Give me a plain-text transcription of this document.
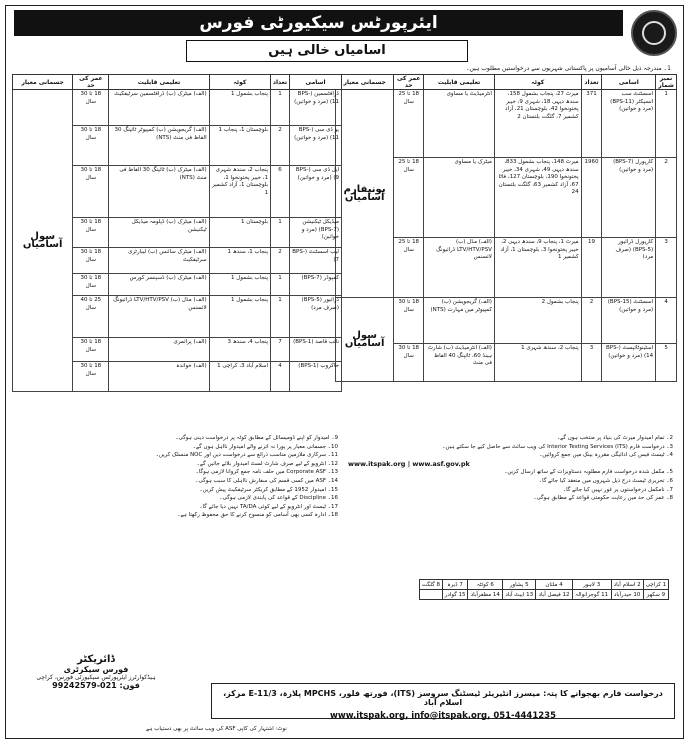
ایئرپورٹس سیکیورٹی فورس
اسامیاں خالی ہیں
1۔ مندرجہ ذیل خالی آسامیوں پر پاکستانی شہریوں سے درخواستیں مطلوب ہیں۔
نمبر شمار	اسامی	تعداد	کوٹہ	تعلیمی قابلیت	عمر کی حد	جسمانی معیار
1	اسسٹنٹ سب انسپکٹر (BPS-11) (مرد و خواتین)	371	میرٹ 27، پنجاب بشمول 158، سندھ دیہی 18، شہری 9، خیبر پختونخوا 42، بلوچستان 21، آزاد کشمیر 7، گلگت بلتستان 2	انٹرمیڈیٹ یا مساوی	18 تا 25 سال	یونیفارم آسامیاں
2	کارپورل (BPS-7) (مرد و خواتین)	1960	میرٹ 148، پنجاب بشمول 833، سندھ دیہی 49، شہری 34، خیبر پختونخوا 190، بلوچستان 127، فاٹا 67، آزاد کشمیر 63، گلگت بلتستان 24	میٹرک یا مساوی	18 تا 25 سال	
3	کارپورل ڈرائیور (BPS-5) (صرف مرد)	19	میرٹ 1، پنجاب 9، سندھ دیہی 2، خیبر پختونخوا 3، بلوچستان 1، آزاد کشمیر 1	(الف) مڈل (ب) LTV/HTV/PSV ڈرائیونگ لائسنس	18 تا 25 سال	
4	اسسٹنٹ (BPS-15) (مرد و خواتین)	2	پنجاب بشمول 2	(الف) گریجویشن (ب) کمپیوٹر میں مہارت (NTS)	18 تا 30 سال	سول آسامیاں
5	اسٹینوٹائپسٹ (BPS-14) (مرد و خواتین)	3	پنجاب 2، سندھ شہری 1	(الف) انٹرمیڈیٹ (ب) شارٹ ہینڈ 60، ٹائپنگ 40 الفاظ فی منٹ	18 تا 30 سال	
اسامی	تعداد	کوٹہ	تعلیمی قابلیت	عمر کی حد	جسمانی معیار
ڈرافٹسمین (BPS-11) (مرد و خواتین)	1	پنجاب بشمول 1	(الف) میٹرک (ب) ڈرافٹسمین سرٹیفکیٹ	18 تا 30 سال	سول آسامیاں
یو ڈی سی (BPS-11) (مرد و خواتین)	2	بلوچستان 1، پنجاب 1	(الف) گریجویشن (ب) کمپیوٹر ٹائپنگ 30 الفاظ فی منٹ (NTS)	18 تا 30 سال	
ایل ڈی سی (BPS-9) (مرد و خواتین)	6	پنجاب 2، سندھ شہری 1، خیبر پختونخوا 1، بلوچستان 1، آزاد کشمیر 1	(الف) میٹرک (ب) ٹائپنگ 30 الفاظ فی منٹ (NTS)	18 تا 30 سال	
میڈیکل ٹیکنیشن (BPS-7) (مرد و خواتین)	1	بلوچستان 1	(الف) میٹرک (ب) ڈپلومہ میڈیکل ٹیکنیشن	18 تا 30 سال	
لیب اسسٹنٹ (BPS-7)	2	پنجاب 1، سندھ 1	(الف) میٹرک سائنس (ب) لیبارٹری سرٹیفکیٹ	18 تا 30 سال	
کمپوڈر (BPS-7)	1	پنجاب بشمول 1	(الف) میٹرک (ب) ڈسپنسر کورس	18 تا 30 سال	
ڈرائیور (BPS-5) (صرف مرد)	1	پنجاب بشمول 1	(الف) مڈل (ب) LTV/HTV/PSV ڈرائیونگ لائسنس	25 تا 40 سال	
نائب قاصد (BPS-1)	7	پنجاب 4، سندھ 3	(الف) پرائمری	18 تا 30 سال	
خاکروب (BPS-1)	4	اسلام آباد 3، کراچی 1	(الف) خواندہ	18 تا 30 سال	
2۔ تمام امیدوار میرٹ کی بنیاد پر منتخب ہوں گے۔
3۔ درخواست فارم Interior Testing Services (ITS) کی ویب سائٹ سے حاصل کیے جا سکتے ہیں۔
4۔ ٹیسٹ فیس کی ادائیگی مقررہ بینک میں جمع کروائیں۔
www.itspak.org | www.asf.gov.pk
5۔ مکمل شدہ درخواست فارم مطلوبہ دستاویزات کے ساتھ ارسال کریں۔
6۔ تحریری ٹیسٹ درج ذیل شہروں میں منعقد کیا جائے گا۔
7۔ نامکمل درخواستوں پر غور نہیں کیا جائے گا۔
8۔ عمر کی حد میں رعایت حکومتی قواعد کے مطابق ہوگی۔
1 کراچی	2 اسلام آباد	3 لاہور	4 ملتان	5 پشاور	6 کوئٹہ	7 ڈیرہ	8 گلگت
9 سکھر	10 حیدرآباد	11 گوجرانوالہ	12 فیصل آباد	13 ایبٹ آباد	14 مظفرآباد	15 گوادر	
9۔ امیدوار کو اپنے ڈومیسائل کے مطابق کوٹہ پر درخواست دینی ہوگی۔
10۔ جسمانی معیار پر پورا نہ اترنے والے امیدوار نااہل ہوں گے۔
11۔ سرکاری ملازمین مناسب ذرائع سے درخواست دیں اور NOC منسلک کریں۔
12۔ انٹرویو کے لیے صرف شارٹ لسٹ امیدوار بلائے جائیں گے۔
13۔ Corporate ASF میں حلف نامہ جمع کروانا لازمی ہوگا۔
14۔ ASF میں کسی قسم کی سفارش نااہلی کا سبب ہوگی۔
15۔ امیدوار 1952 کے مطابق کریکٹر سرٹیفکیٹ پیش کریں۔
16۔ Discipline کے قواعد کی پابندی لازمی ہوگی۔
17۔ ٹیسٹ اور انٹرویو کے لیے کوئی TA/DA نہیں دیا جائے گا۔
18۔ ادارہ کسی بھی آسامی کو منسوخ کرنے کا حق محفوظ رکھتا ہے۔
ڈائریکٹر
فورس سیکرٹری
ہیڈکوارٹرز ایئرپورٹس سیکیورٹی فورس، کراچی
فون: 021-99242579
درخواست فارم بھجوانے کا پتہ: میسرز انٹیریئر ٹیسٹنگ سروسز (ITS)، فورتھ فلور، MPCHS پلازہ، E-11/3 مرکز، اسلام آباد
www.itspak.org, info@itspak.org, 051-4441235
نوٹ: اشتہار کی کاپی ASF کی ویب سائٹ پر بھی دستیاب ہے
